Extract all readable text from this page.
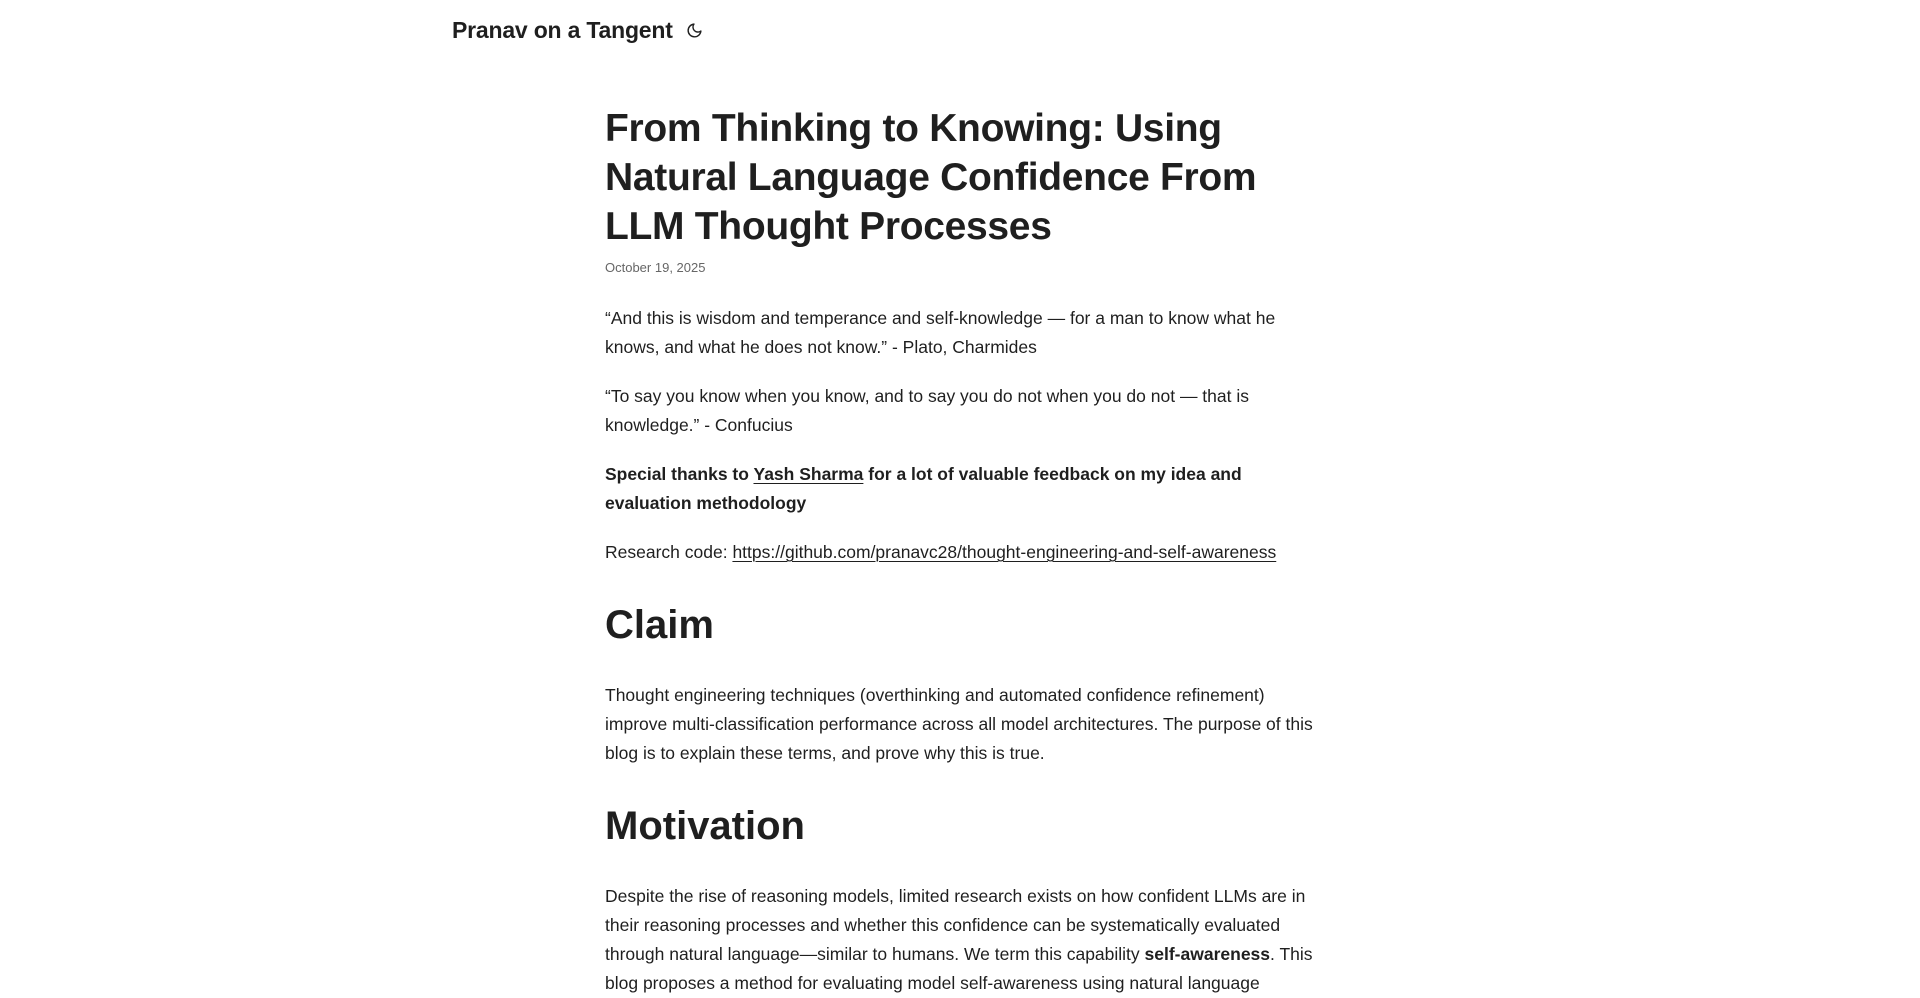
Pranav on a Tangent
From Thinking to Knowing: Using Natural Language Confidence From LLM Thought Processes
October 19, 2025

“And this is wisdom and temperance and self-knowledge — for a man to know what he knows, and what he does not know.” - Plato, Charmides

“To say you know when you know, and to say you do not when you do not — that is knowledge.” - Confucius

Special thanks to Yash Sharma for a lot of valuable feedback on my idea and evaluation methodology

Research code: https://github.com/pranavc28/thought-engineering-and-self-awareness

Claim

Thought engineering techniques (overthinking and automated confidence refinement) improve multi-classification performance across all model architectures. The purpose of this blog is to explain these terms, and prove why this is true.

Motivation

Despite the rise of reasoning models, limited research exists on how confident LLMs are in their reasoning processes and whether this confidence can be systematically evaluated through natural language—similar to humans. We term this capability self-awareness. This blog proposes a method for evaluating model self-awareness using natural language
